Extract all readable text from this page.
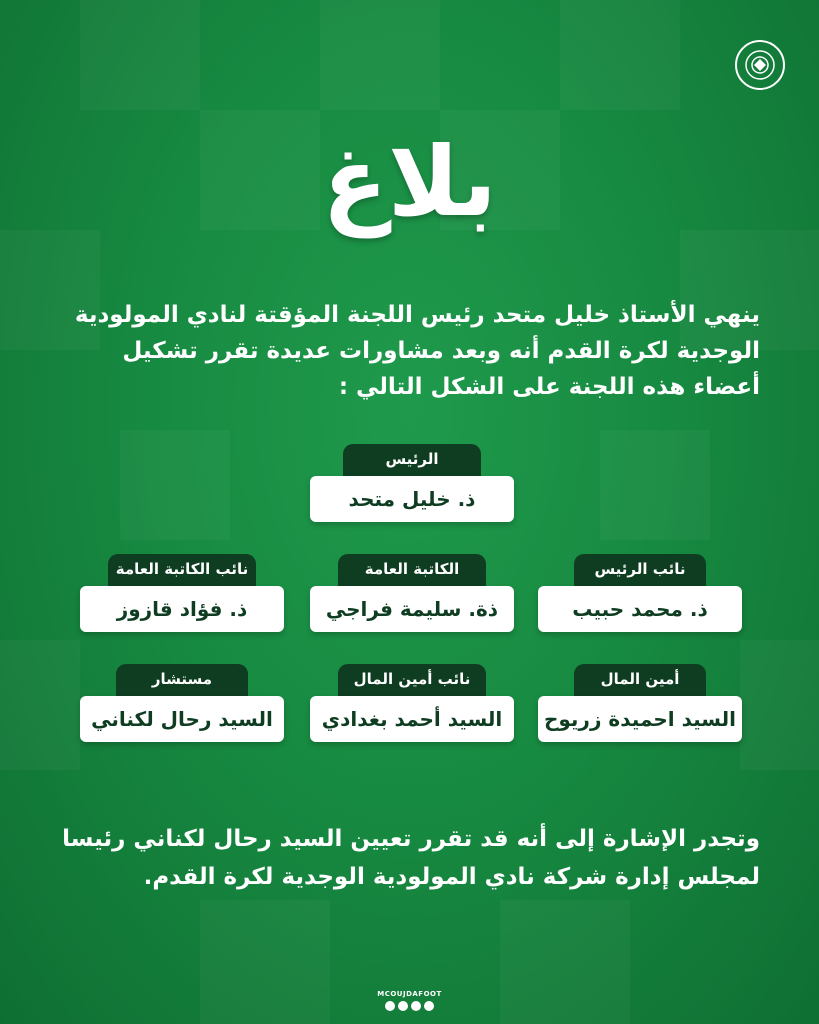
بلاغ
ينهي الأستاذ خليل متحد رئيس اللجنة المؤقتة لنادي المولودية الوجدية لكرة القدم أنه وبعد مشاورات عديدة تقرر تشكيل أعضاء هذه اللجنة على الشكل التالي :
الرئيس
ذ. خليل متحد
نائب الرئيس
ذ. محمد حبيب
الكاتبة العامة
ذة. سليمة فراجي
نائب الكاتبة العامة
ذ. فؤاد قازوز
أمين المال
السيد احميدة زريوح
نائب أمين المال
السيد أحمد بغدادي
مستشار
السيد رحال لكناني
وتجدر الإشارة إلى أنه قد تقرر تعيين السيد رحال لكناني رئيسا لمجلس إدارة شركة نادي المولودية الوجدية لكرة القدم.
MCOUJDAFOOT
